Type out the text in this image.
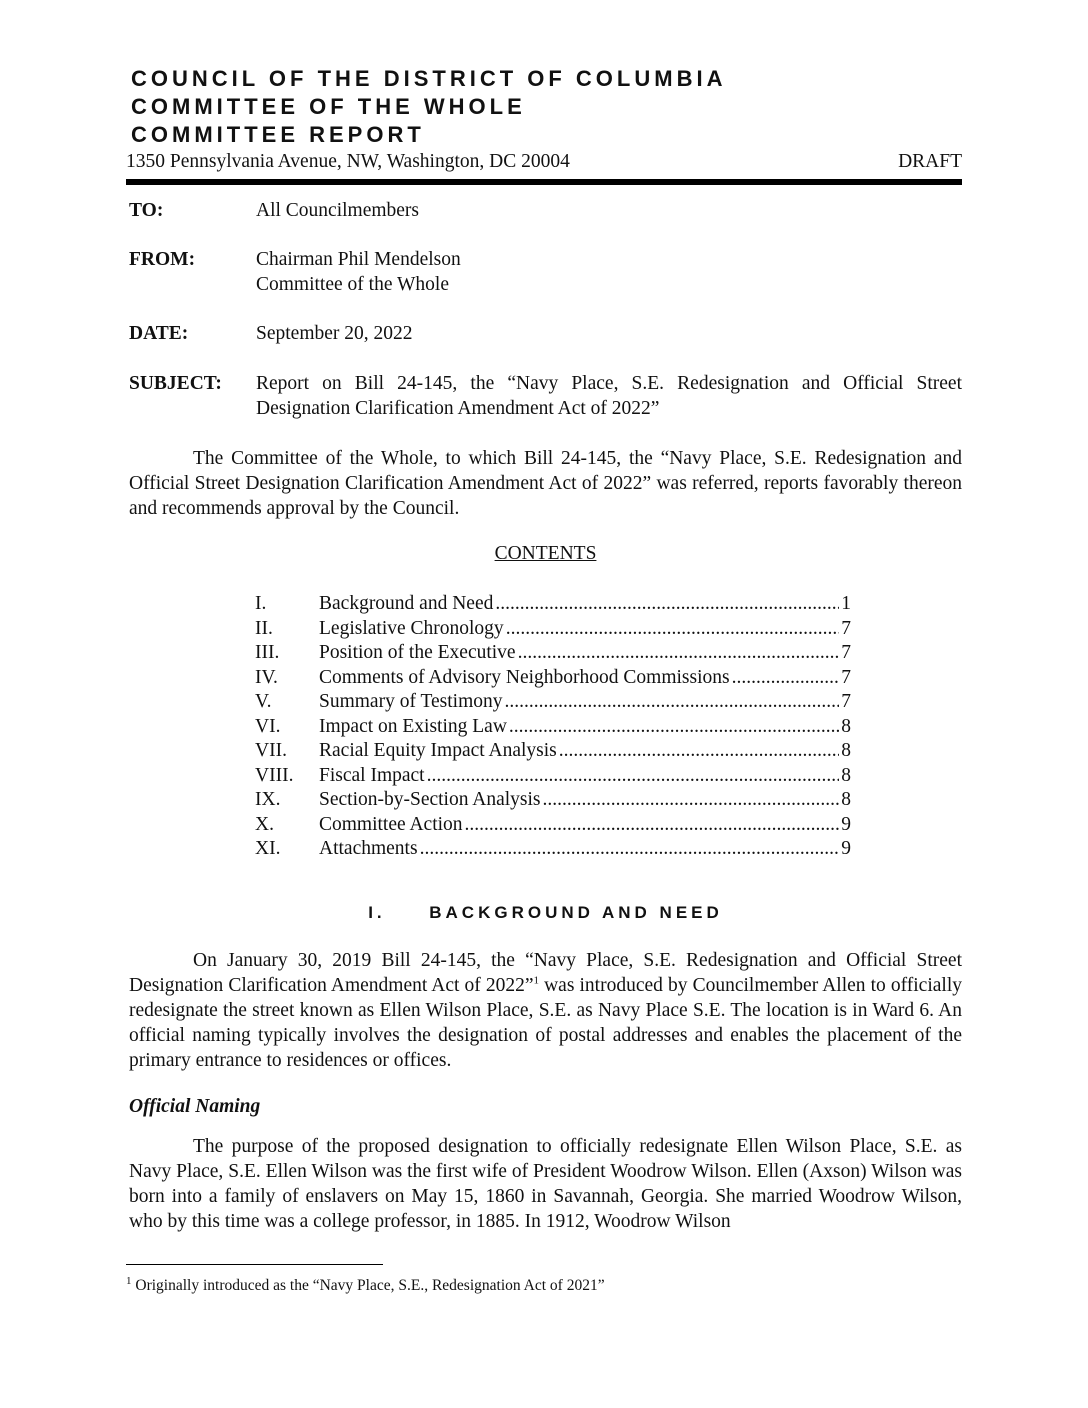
COUNCIL OF THE DISTRICT OF COLUMBIA
COMMITTEE OF THE WHOLE
COMMITTEE REPORT
1350 Pennsylvania Avenue, NW, Washington, DC 20004	DRAFT
TO:	All Councilmembers
FROM:	Chairman Phil Mendelson
Committee of the Whole
DATE:	September 20, 2022
SUBJECT: Report on Bill 24-145, the “Navy Place, S.E. Redesignation and Official Street Designation Clarification Amendment Act of 2022”
The Committee of the Whole, to which Bill 24-145, the “Navy Place, S.E. Redesignation and Official Street Designation Clarification Amendment Act of 2022” was referred, reports favorably thereon and recommends approval by the Council.
CONTENTS
I.	Background and Need .....	1
II.	Legislative Chronology .....	7
III.	Position of the Executive .....	7
IV.	Comments of Advisory Neighborhood Commissions .....	7
V.	Summary of Testimony .....	7
VI.	Impact on Existing Law .....	8
VII.	Racial Equity Impact Analysis .....	8
VIII.	Fiscal Impact .....	8
IX.	Section-by-Section Analysis .....	8
X.	Committee Action .....	9
XI.	Attachments .....	9
I.     BACKGROUND AND NEED
On January 30, 2019 Bill 24-145, the “Navy Place, S.E. Redesignation and Official Street Designation Clarification Amendment Act of 2022”$^1$ was introduced by Councilmember Allen to officially redesignate the street known as Ellen Wilson Place, S.E. as Navy Place S.E. The location is in Ward 6. An official naming typically involves the designation of postal addresses and enables the placement of the primary entrance to residences or offices.
Official Naming
The purpose of the proposed designation to officially redesignate Ellen Wilson Place, S.E. as Navy Place, S.E. Ellen Wilson was the first wife of President Woodrow Wilson. Ellen (Axson) Wilson was born into a family of enslavers on May 15, 1860 in Savannah, Georgia. She married Woodrow Wilson, who by this time was a college professor, in 1885. In 1912, Woodrow Wilson
$^1$ Originally introduced as the “Navy Place, S.E., Redesignation Act of 2021”
